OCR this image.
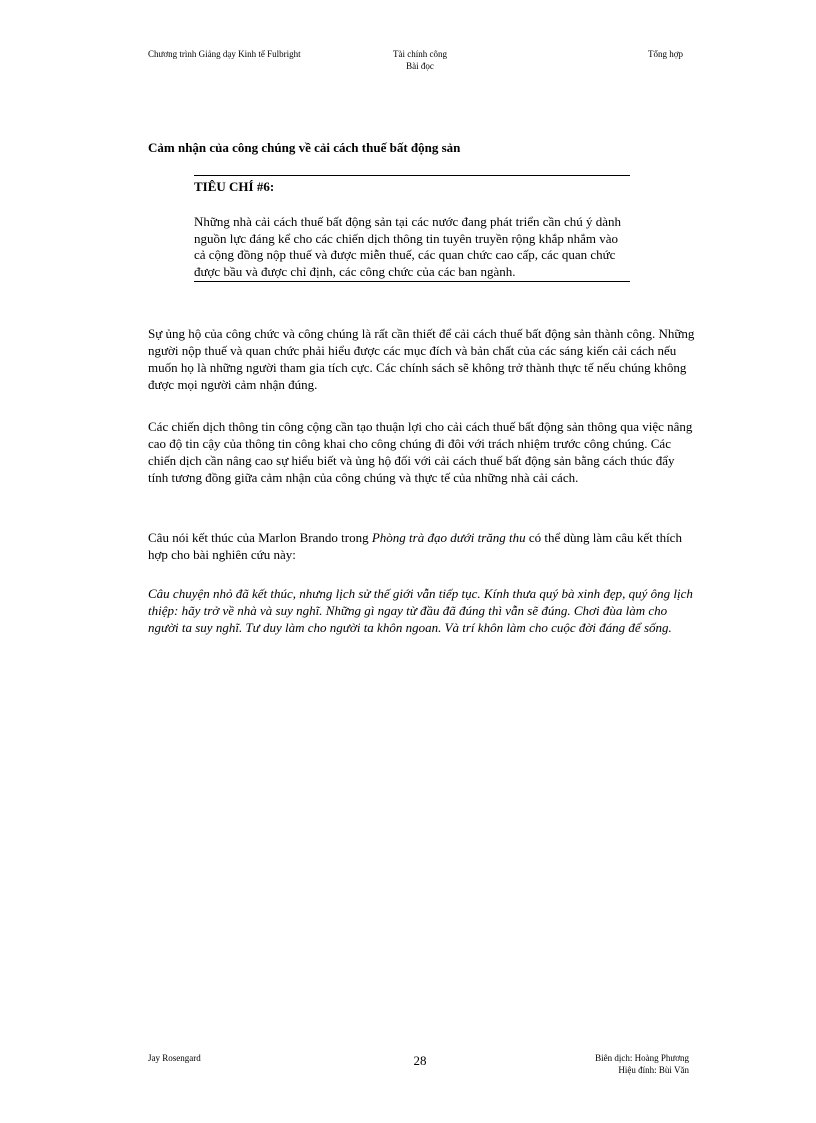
Chương trình Giảng dạy Kinh tế Fulbright	Tài chính công
Bài đọc
Tổng hợp
Cảm nhận của công chúng về cải cách thuế bất động sản
TIÊU CHÍ #6:
Những nhà cải cách thuế bất động sản tại các nước đang phát triển cần chú ý dành nguồn lực đáng kể cho các chiến dịch thông tin tuyên truyền rộng khắp nhắm vào cả cộng đồng nộp thuế và được miễn thuế, các quan chức cao cấp, các quan chức được bầu và được chỉ định, các công chức của các ban ngành.
Sự ủng hộ của công chức và công chúng là rất cần thiết để cải cách thuế bất động sản thành công. Những người nộp thuế và quan chức phải hiểu được các mục đích và bản chất của các sáng kiến cải cách nếu muốn họ là những người tham gia tích cực. Các chính sách sẽ không trở thành thực tế nếu chúng không được mọi người cảm nhận đúng.
Các chiến dịch thông tin công cộng cần tạo thuận lợi cho cải cách thuế bất động sản thông qua việc nâng cao độ tin cậy của thông tin công khai cho công chúng đi đôi với trách nhiệm trước công chúng. Các chiến dịch cần nâng cao sự hiểu biết và ủng hộ đối với cải cách thuế bất động sản bằng cách thúc đẩy tính tương đồng giữa cảm nhận của công chúng và thực tế của những nhà cải cách.
Câu nói kết thúc của Marlon Brando trong Phòng trà đạo dưới trăng thu có thể dùng làm câu kết thích hợp cho bài nghiên cứu này:
Câu chuyện nhỏ đã kết thúc, nhưng lịch sử thế giới vẫn tiếp tục. Kính thưa quý bà xinh đẹp, quý ông lịch thiệp: hãy trở về nhà và suy nghĩ. Những gì ngay từ đầu đã đúng thì vẫn sẽ đúng. Chơi đùa làm cho người ta suy nghĩ. Tư duy làm cho người ta khôn ngoan. Và trí khôn làm cho cuộc đời đáng để sống.
Jay Rosengard	28	Biên dịch: Hoàng Phương
Hiệu đính: Bùi Văn
